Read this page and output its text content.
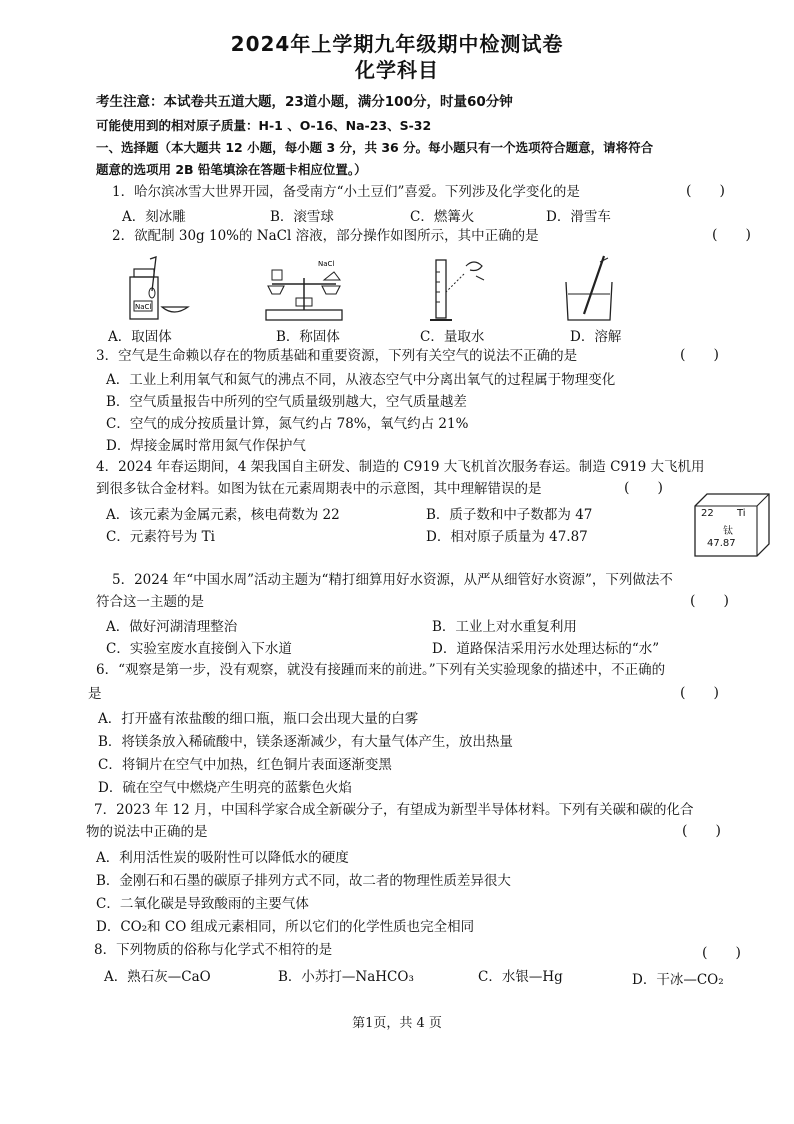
2024年上学期九年级期中检测试卷
化学科目
考生注意：本试卷共五道大题，23道小题，满分100分，时量60分钟
可能使用到的相对原子质量：H-1 、O-16、Na-23、S-32
一、选择题（本大题共 12 小题，每小题 3 分，共 36 分。每小题只有一个选项符合题意，请将符合
题意的选项用 2B 铅笔填涂在答题卡相应位置。）
1．哈尔滨冰雪大世界开园，备受南方“小土豆们”喜爱。下列涉及化学变化的是	(　　)
A．刻冰雕	B．滚雪球	C．燃篝火	D．滑雪车
2．欲配制 30g 10%的 NaCl 溶液，部分操作如图所示，其中正确的是	(　　)
NaCl
NaCl
A．取固体	B．称固体	C．量取水	D．溶解
3．空气是生命赖以存在的物质基础和重要资源，下列有关空气的说法不正确的是	(　　)
A．工业上利用氧气和氮气的沸点不同，从液态空气中分离出氧气的过程属于物理变化
B．空气质量报告中所列的空气质量级别越大，空气质量越差
C．空气的成分按质量计算，氮气约占 78%，氧气约占 21%
D．焊接金属时常用氮气作保护气
4．2024 年春运期间，4 架我国自主研发、制造的 C919 大飞机首次服务春运。制造 C919 大飞机用
到很多钛合金材料。如图为钛在元素周期表中的示意图，其中理解错误的是	(　　)
A．该元素为金属元素，核电荷数为 22	B．质子数和中子数都为 47
C．元素符号为 Ti	D．相对原子质量为 47.87
22 Ti
钛
47.87
5．2024 年“中国水周”活动主题为“精打细算用好水资源，从严从细管好水资源”，下列做法不
符合这一主题的是	(　　)
A．做好河湖清理整治	B．工业上对水重复利用
C．实验室废水直接倒入下水道	D．道路保洁采用污水处理达标的“水”
6．“观察是第一步，没有观察，就没有接踵而来的前进。”下列有关实验现象的描述中，不正确的
是	(　　)
A．打开盛有浓盐酸的细口瓶，瓶口会出现大量的白雾
B．将镁条放入稀硫酸中，镁条逐渐减少，有大量气体产生，放出热量
C．将铜片在空气中加热，红色铜片表面逐渐变黑
D．硫在空气中燃烧产生明亮的蓝紫色火焰
7．2023 年 12 月，中国科学家合成全新碳分子，有望成为新型半导体材料。下列有关碳和碳的化合
物的说法中正确的是	(　　)
A．利用活性炭的吸附性可以降低水的硬度
B．金刚石和石墨的碳原子排列方式不同，故二者的物理性质差异很大
C．二氧化碳是导致酸雨的主要气体
D．CO₂和 CO 组成元素相同，所以它们的化学性质也完全相同
8．下列物质的俗称与化学式不相符的是	(　　)
A．熟石灰—CaO	B．小苏打—NaHCO₃	C．水银—Hg	D．干冰—CO₂
第1页，共 4 页
